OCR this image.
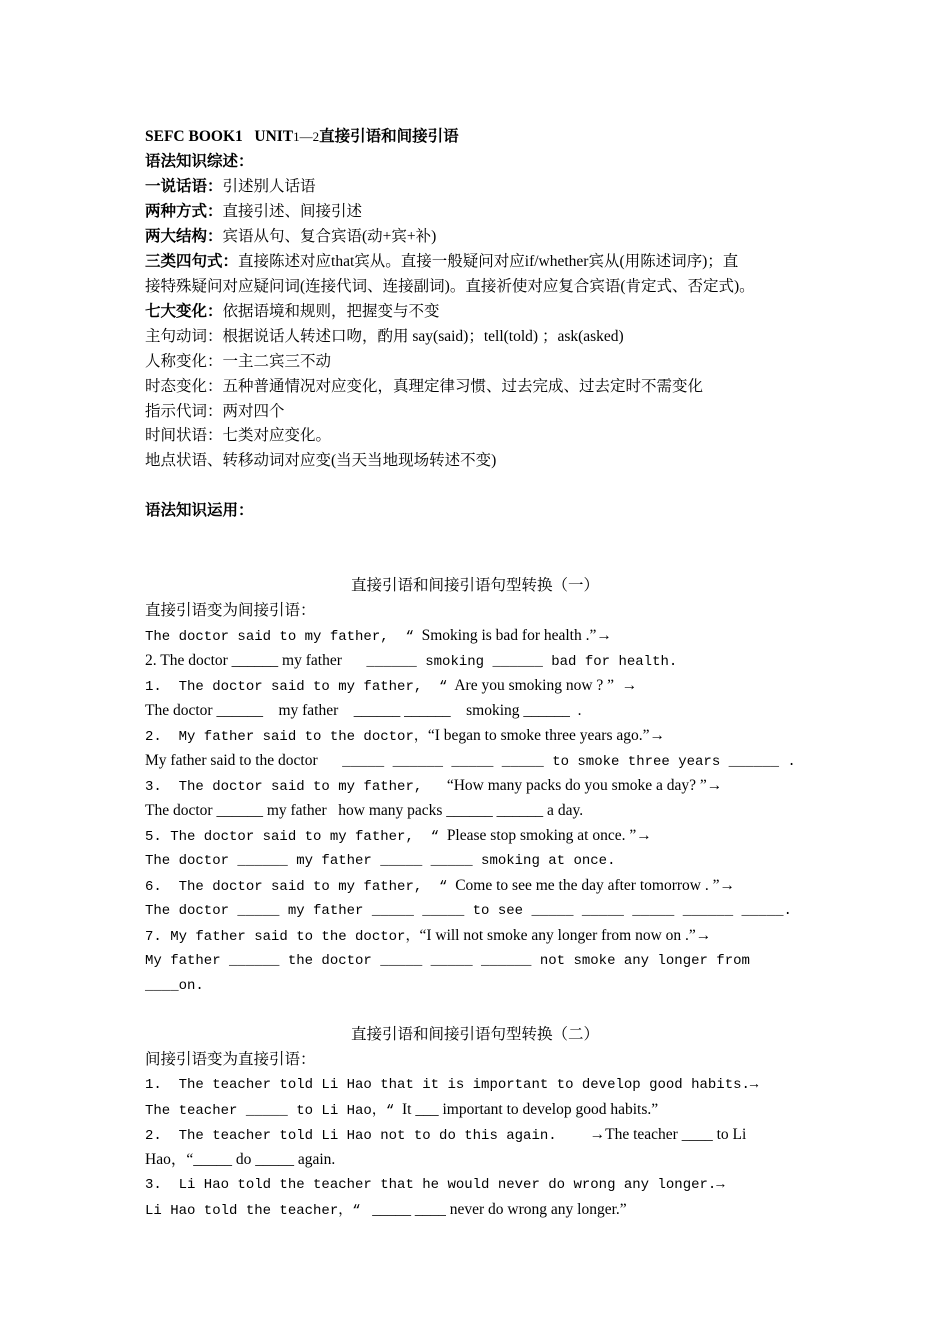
SEFC BOOK1   UNIT1—2直接引语和间接引语
语法知识综述：
一说话语：引述别人话语
两种方式：直接引述、间接引述
两大结构：宾语从句、复合宾语(动+宾+补)
三类四句式：直接陈述对应that宾从。直接一般疑问对应if/whether宾从(用陈述词序)；直
接特殊疑问对应疑问词(连接代词、连接副词)。直接祈使对应复合宾语(肯定式、否定式)。
七大变化：依据语境和规则，把握变与不变
主句动词：根据说话人转述口吻，酌用 say(said)；tell(told) ；ask(asked)
人称变化：一主二宾三不动
时态变化：五种普通情况对应变化，真理定律习惯、过去完成、过去定时不需变化
指示代词：两对四个
时间状语：七类对应变化。
地点状语、转移动词对应变(当天当地现场转述不变)
语法知识运用：
直接引语和间接引语句型转换（一）
直接引语变为间接引语：
The doctor said to my father,  “  Smoking is bad for health .”→
2. The doctor ______ my father    ______ smoking ______ bad for health.
1.  The doctor said to my father,  “  Are you smoking now ? ”  →
The doctor ______    my father    ______ ______    smoking ______  .
2.  My father said to the doctor，“I began to smoke three years ago.”→
My father said to the doctor    _____ ______ _____ _____ to smoke three years ______ .
3.  The doctor said to my father,    “How many packs do you smoke a day? ”→
The doctor ______ my father   how many packs ______ ______ a day.
5. The doctor said to my father,  “  Please stop smoking at once. ”→
The doctor ______ my father _____ _____ smoking at once.
6.  The doctor said to my father,  “  Come to see me the day after tomorrow . ”→
The doctor _____ my father _____ _____ to see _____ _____ _____ ______ _____.
7. My father said to the doctor，“I will not smoke any longer from now on .”→
My father ______ the doctor _____ _____ ______ not smoke any longer from
____on.
直接引语和间接引语句型转换（二）
间接引语变为直接引语：
1.  The teacher told Li Hao that it is important to develop good habits.→
The teacher _____ to Li Hao，“  It ___ important to develop good habits.”
2.  The teacher told Li Hao not to do this again.     →The teacher ____ to Li
Hao，“_____ do _____ again.
3.  Li Hao told the teacher that he would never do wrong any longer.→
Li Hao told the teacher，“   _____ ____ never do wrong any longer.”
